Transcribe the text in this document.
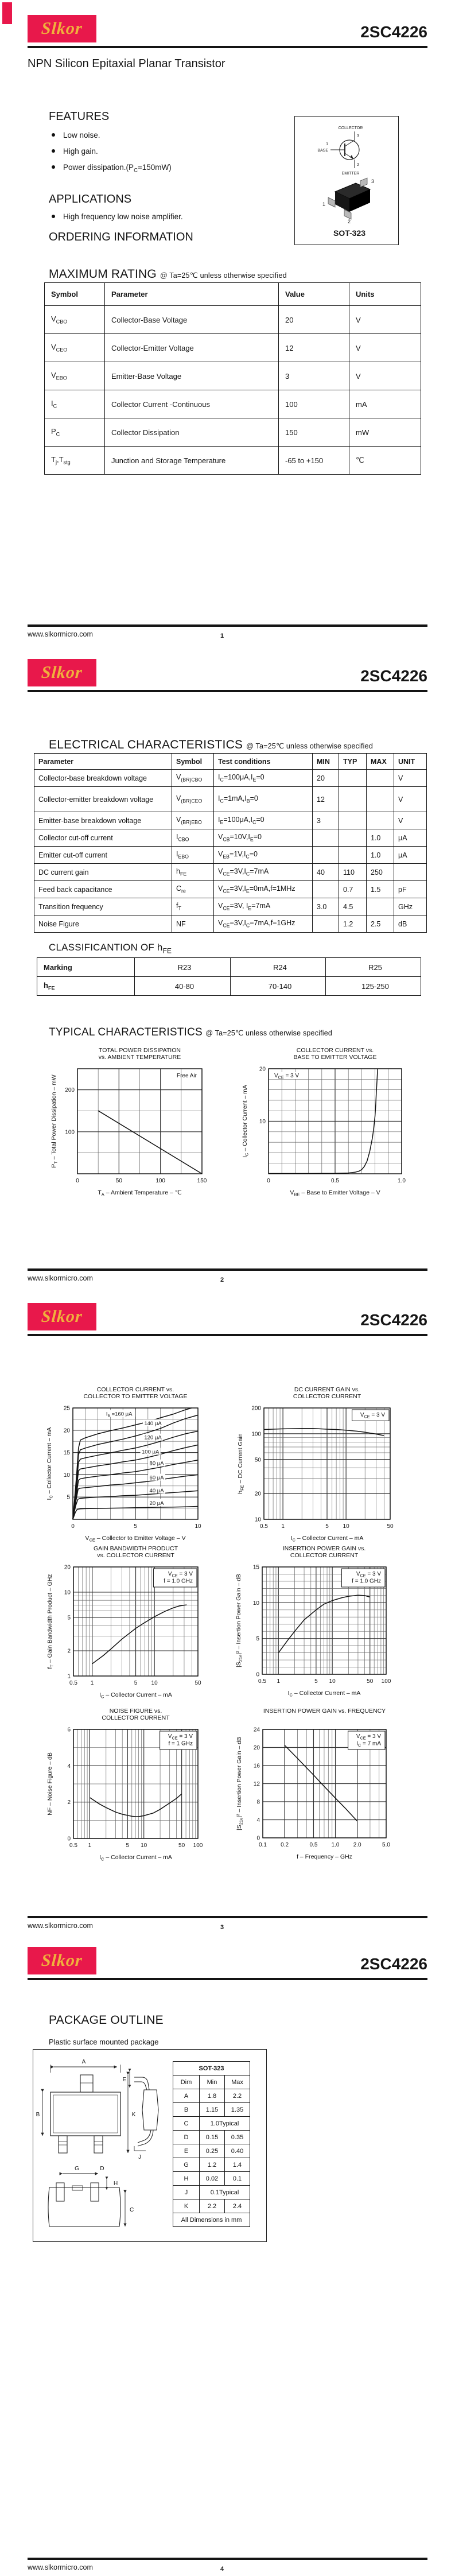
Slkor	2SC4226
NPN Silicon Epitaxial Planar Transistor
FEATURES
Low noise.
High gain.
Power $dissipation.(P_C=150mW)$
APPLICATIONS
High frequency low noise amplifier.
ORDERING INFORMATION
COLLECTOR
3
1
BASE
2
EMITTER
3
1
2
SOT-323
MAXIMUM RATING @ Ta=25℃ unless otherwise specified
Symbol	Parameter	Value	Units
$V_{CBO}$	Collector-Base Voltage	20	V
$V_{CEO}$	Collector-Emitter Voltage	12	V
$V_{EBO}$	Emitter-Base Voltage	3	V
$I_C$	Collector Current -Continuous	100	mA
$P_C$	Collector Dissipation	150	mW
$T_j,T_{stg}$	Junction and Storage Temperature	-65 to +150	℃
www.slkormicro.com	1
Slkor	2SC4226
ELECTRICAL CHARACTERISTICS @ Ta=25℃ unless otherwise specified
Parameter	Symbol	Test conditions	MIN	TYP	MAX	UNIT
Collector-base breakdown voltage	$V_{(BR)CBO}$	$I_C=100\mu A,I_E=0$	20			V
Collector-emitter breakdown voltage	$V_{(BR)CEO}$	$I_C=1mA,I_B=0$	12			V
Emitter-base breakdown voltage	$V_{(BR)EBO}$	$I_E=100\mu A,I_C=0$	3			V
Collector cut-off current	$I_{CBO}$	$V_{CB}=10V,I_E=0$			1.0	μA
Emitter cut-off current	$I_{EBO}$	$V_{EB}=1V,I_C=0$			1.0	μA
DC current gain	$h_{FE}$	$V_{CE}=3V,I_C=7mA$	40	110	250	
Feed back capacitance	$C_{re}$	$V_{CE}=3V,I_E=0mA,f=1MHz$		0.7	1.5	pF
Transition frequency	$f_T$	$V_{CE}=3V$, $I_E=7mA$	3.0	4.5		GHz
Noise Figure	NF	$V_{CE}=3V,I_C=7mA,f=1GHz$		1.2	2.5	dB
CLASSIFICANTION OF $h_{FE}$
Marking	R23	R24	R25
$h_{FE}$	40-80	70-140	125-250
TYPICAL CHARACTERISTICS @ Ta=25℃ unless otherwise specified
www.slkormicro.com	2
Slkor	2SC4226
www.slkormicro.com	3
Slkor	2SC4226
PACKAGE OUTLINE
Plastic surface mounted package
A
B	K
G	D
H
C
E
J
SOT-323		
Dim	Min	Max
A	1.8	2.2
B	1.15	1.35
C	1.0Typical	
D	0.15	0.35
E	0.25	0.40
G	1.2	1.4
H	0.02	0.1
J	0.1Typical	
K	2.2	2.4
All Dimensions in mm		
www.slkormicro.com	4
Free Air
TOTAL POWER DISSIPATION
vs. AMBIENT TEMPERATURE
0	50	100	150
100
200
$T_A$ – Ambient Temperature – ℃
$P_T$ – Total Power Dissipation – mW	$V_{CE} = 3$ V
COLLECTOR CURRENT vs.
BASE TO EMITTER VOLTAGE
0	0.5	1.0
10
20
$V_{BE}$ – Base to Emitter Voltage – V
$I_C$ – Collector Current – mA
$I_B =160$ μA
140 μA
120 μA
100 μA
80 μA
60 μA
40 μA
20 μA
COLLECTOR CURRENT vs.
COLLECTOR TO EMITTER VOLTAGE
0	5	10
5
10
15
20
25
$V_{CE}$ – Collector to Emitter Voltage – V
$I_C$ – Collector Current – mA
$V_{CE} = 3$ V
DC CURRENT GAIN vs.
COLLECTOR CURRENT
0.5 1	5 10	50
10
20
50
100
200
$I_C$ – Collector Current – mA
$h_{FE}$ – DC Current Gain
$V_{CE} = 3$ V
f = 1.0 GHz
GAIN BANDWIDTH PRODUCT
vs. COLLECTOR CURRENT
0.5 1	5 10	50
1
2
5
10
20
$I_C$ – Collector Current – mA
$f_T$ – Gain Bandwidth Product – GHz	$V_{CE} = 3$ V
f = 1.0 GHz
INSERTION POWER GAIN vs.
COLLECTOR CURRENT
0.5 1	5 10	50 100
0
5
10
15
$I_C$ – Collector Current – mA
$|S_{21e}|^2$ – Insertion Power Gain – dB
$V_{CE} = 3$ V
f = 1 GHz
NOISE FIGURE vs.
COLLECTOR CURRENT
0.5 1	5 10	50 100
0
2
4
6
$I_C$ – Collector Current – mA
NF – Noise Figure – dB
$V_{CE} = 3$ V
$I_C = 7$ mA
INSERTION POWER GAIN vs. FREQUENCY
0.1 0.2	0.5 1.0 2.0	5.0
0
4
8
12
16
20
24
f – Frequency – GHz
$|S_{21e}|^2$ – Insertion Power Gain – dB
